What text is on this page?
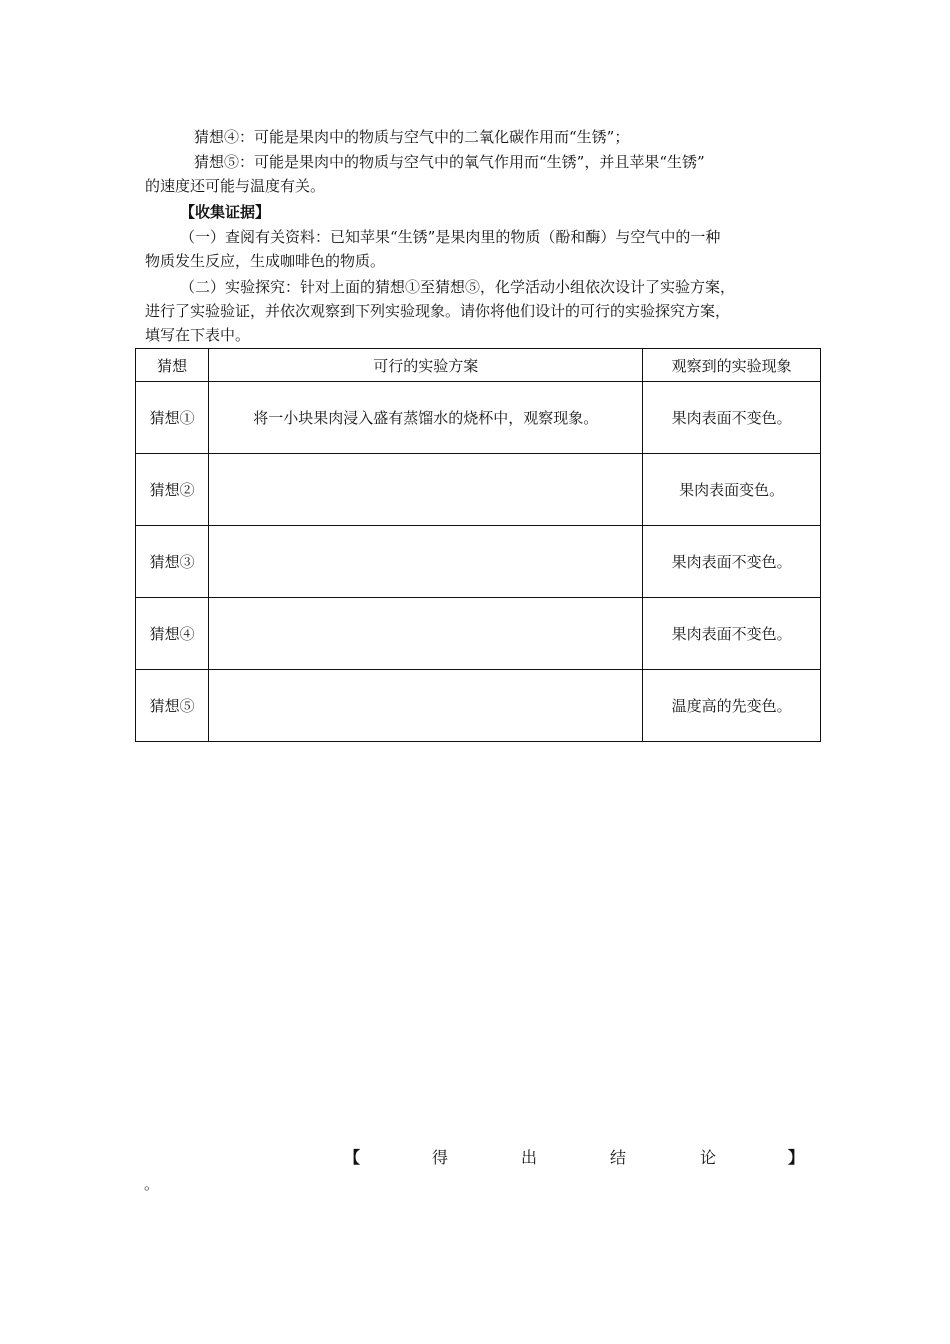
猜想④：可能是果肉中的物质与空气中的二氧化碳作用而“生锈”；
猜想⑤：可能是果肉中的物质与空气中的氧气作用而“生锈”，并且苹果“生锈”
的速度还可能与温度有关。
【收集证据】
（一）查阅有关资料：已知苹果“生锈”是果肉里的物质（酚和酶）与空气中的一种
物质发生反应，生成咖啡色的物质。
（二）实验探究：针对上面的猜想①至猜想⑤，化学活动小组依次设计了实验方案，
进行了实验验证，并依次观察到下列实验现象。请你将他们设计的可行的实验探究方案，
填写在下表中。
猜想	可行的实验方案	观察到的实验现象
猜想①	将一小块果肉浸入盛有蒸馏水的烧杯中，观察现象。	果肉表面不变色。
猜想②		果肉表面变色。
猜想③		果肉表面不变色。
猜想④		果肉表面不变色。
猜想⑤		温度高的先变色。
【	得	出	结	论	】
。
